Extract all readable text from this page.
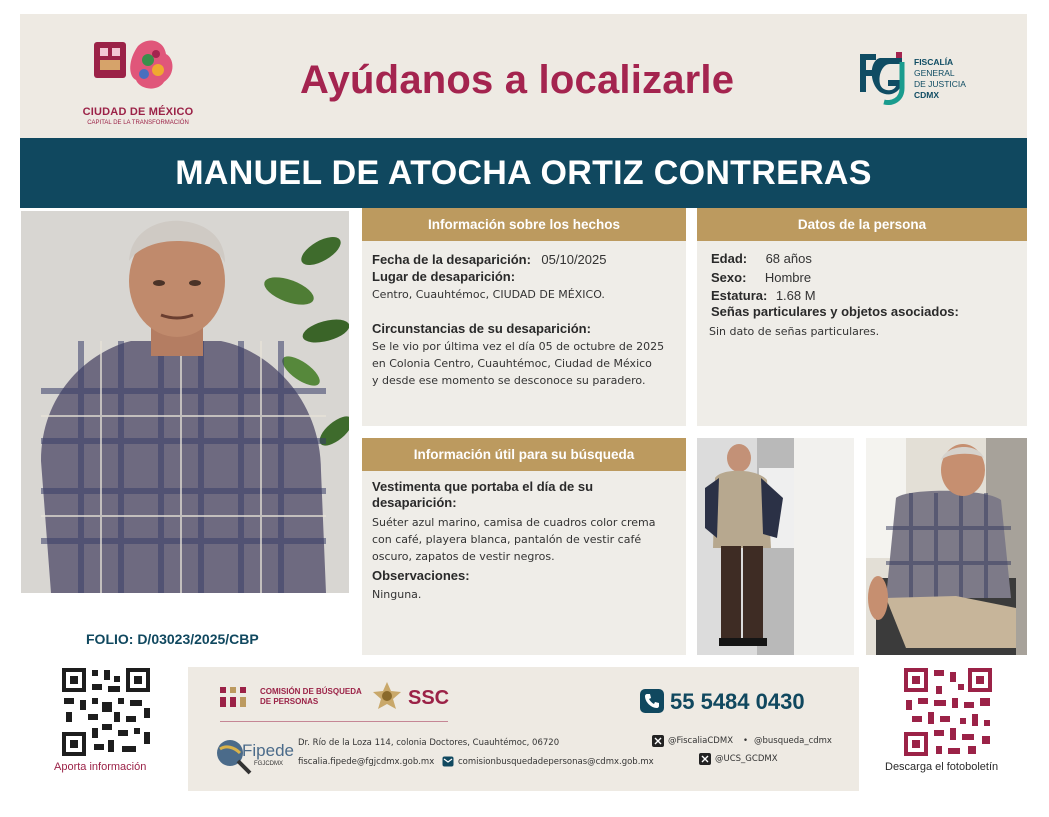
CIUDAD DE MÉXICO
CAPITAL DE LA TRANSFORMACIÓN
Ayúdanos a localizarle	FISCALÍA
GENERAL
DE JUSTICIA
CDMX
MANUEL DE ATOCHA ORTIZ CONTRERAS
FOLIO: D/03023/2025/CBP
Información sobre los hechos
Fecha de la desaparición: 05/10/2025
Lugar de desaparición:
Centro, Cuauhtémoc, CIUDAD DE MÉXICO.
Circunstancias de su desaparición:
Se le vio por última vez el día 05 de octubre de 2025
en Colonia Centro, Cuauhtémoc, Ciudad de México
y desde ese momento se desconoce su paradero.
Datos de la persona
Edad: 68 años
Sexo: Hombre
Estatura: 1.68 M
Señas particulares y objetos asociados:
Sin dato de señas particulares.
Información útil para su búsqueda
Vestimenta que portaba el día de su
desaparición:
Suéter azul marino, camisa de cuadros color crema
con café, playera blanca, pantalón de vestir café
oscuro, zapatos de vestir negros.
Observaciones:
Ninguna.
Aporta información
COMISIÓN DE BÚSQUEDA
DE PERSONAS	SSC	55 5484 0430
Fipede
FGJCDMX
Dr. Río de la Loza 114, colonia Doctores, Cuauhtémoc, 06720
fiscalia.fipede@fgjcdmx.gob.mx	comisionbusquedadepersonas@cdmx.gob.mx
@FiscaliaCDMX • @busqueda_cdmx
@UCS_GCDMX
Descarga el fotoboletín
